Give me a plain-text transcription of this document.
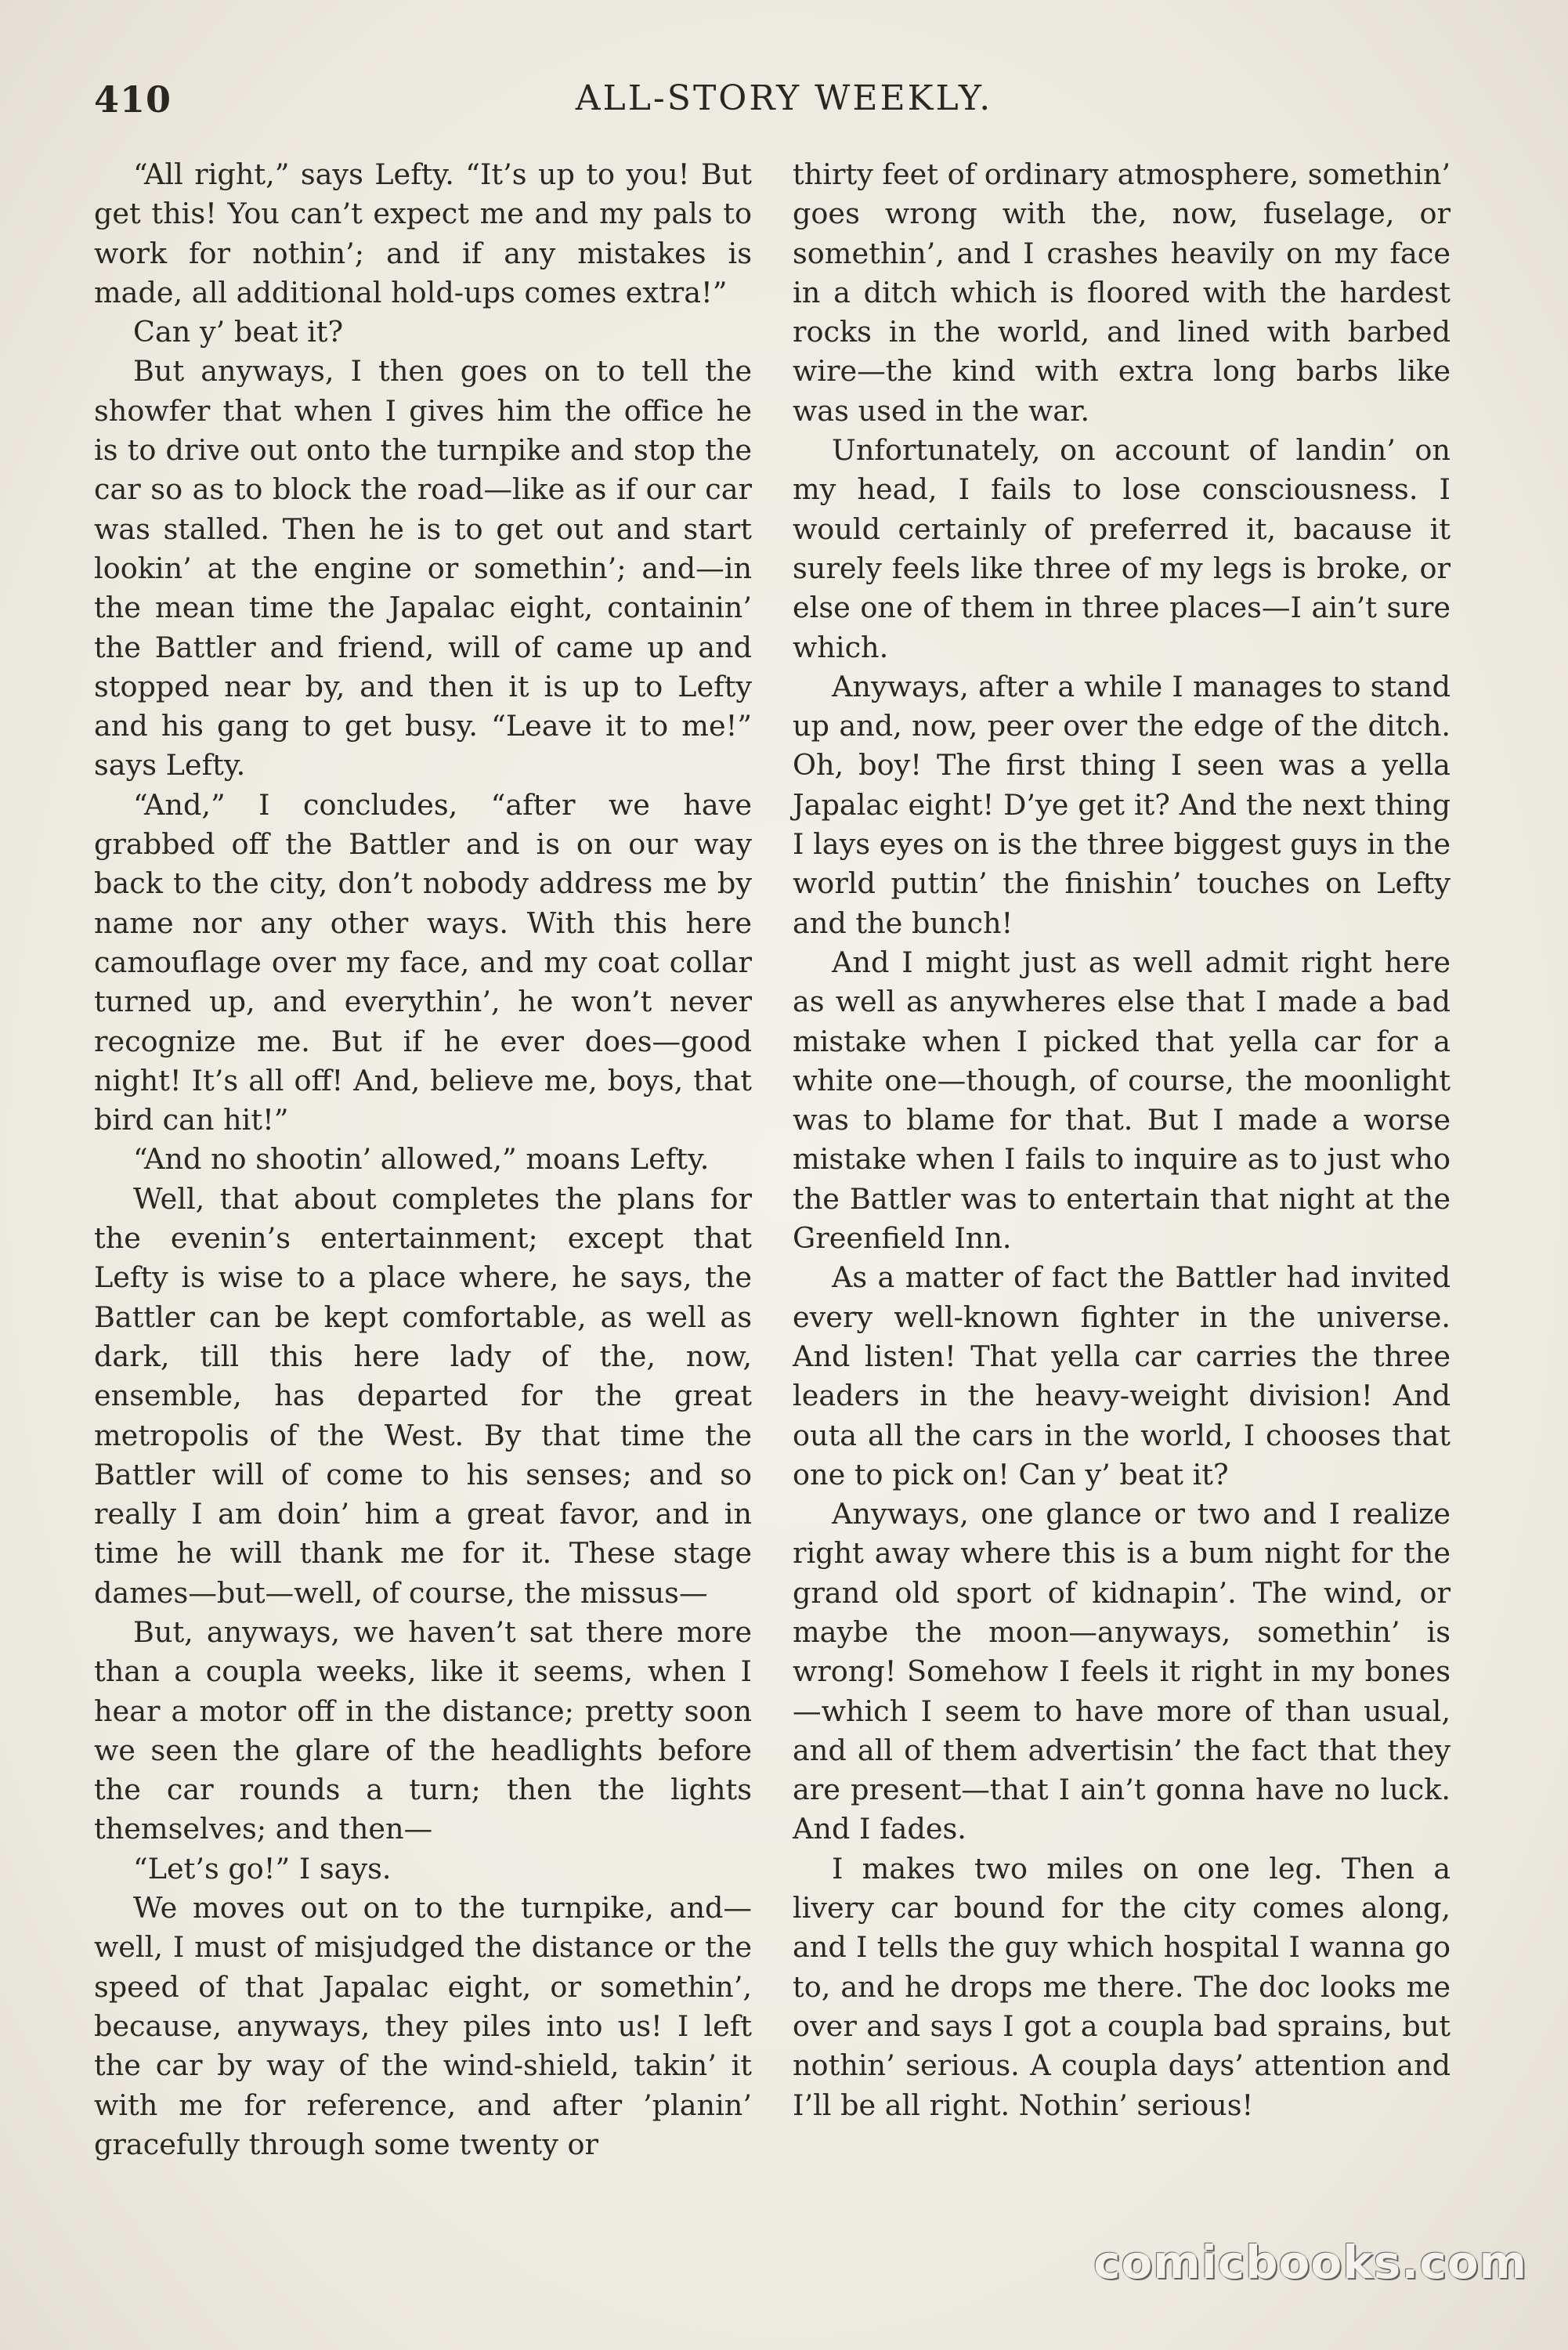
410	ALL-STORY WEEKLY.

“All right,” says Lefty. “It’s up to you! But get this! You can’t expect me and my pals to work for nothin’; and if any mistakes is made, all additional hold-ups comes extra!”

Can y’ beat it?

But anyways, I then goes on to tell the showfer that when I gives him the office he is to drive out onto the turnpike and stop the car so as to block the road—like as if our car was stalled. Then he is to get out and start lookin’ at the engine or somethin’; and—in the mean time the Japalac eight, containin’ the Battler and friend, will of came up and stopped near by, and then it is up to Lefty and his gang to get busy. “Leave it to me!” says Lefty.

“And,” I concludes, “after we have grabbed off the Battler and is on our way back to the city, don’t nobody address me by name nor any other ways. With this here camouflage over my face, and my coat collar turned up, and everythin’, he won’t never recognize me. But if he ever does—good night! It’s all off! And, believe me, boys, that bird can hit!”

“And no shootin’ allowed,” moans Lefty.

Well, that about completes the plans for the evenin’s entertainment; except that Lefty is wise to a place where, he says, the Battler can be kept comfortable, as well as dark, till this here lady of the, now, ensemble, has departed for the great metropolis of the West. By that time the Battler will of come to his senses; and so really I am doin’ him a great favor, and in time he will thank me for it. These stage dames—but—well, of course, the missus—

But, anyways, we haven’t sat there more than a coupla weeks, like it seems, when I hear a motor off in the distance; pretty soon we seen the glare of the headlights before the car rounds a turn; then the lights themselves; and then—

“Let’s go!” I says.

We moves out on to the turnpike, and—well, I must of misjudged the distance or the speed of that Japalac eight, or somethin’, because, anyways, they piles into us! I left the car by way of the wind-shield, takin’ it with me for reference, and after ’planin’ gracefully through some twenty or

thirty feet of ordinary atmosphere, somethin’ goes wrong with the, now, fuselage, or somethin’, and I crashes heavily on my face in a ditch which is floored with the hardest rocks in the world, and lined with barbed wire—the kind with extra long barbs like was used in the war.

Unfortunately, on account of landin’ on my head, I fails to lose consciousness. I would certainly of preferred it, bacause it surely feels like three of my legs is broke, or else one of them in three places—I ain’t sure which.

Anyways, after a while I manages to stand up and, now, peer over the edge of the ditch. Oh, boy! The first thing I seen was a yella Japalac eight! D’ye get it? And the next thing I lays eyes on is the three biggest guys in the world puttin’ the finishin’ touches on Lefty and the bunch!

And I might just as well admit right here as well as anywheres else that I made a bad mistake when I picked that yella car for a white one—though, of course, the moonlight was to blame for that. But I made a worse mistake when I fails to inquire as to just who the Battler was to entertain that night at the Greenfield Inn.

As a matter of fact the Battler had invited every well-known fighter in the universe. And listen! That yella car carries the three leaders in the heavy-weight division! And outa all the cars in the world, I chooses that one to pick on! Can y’ beat it?

Anyways, one glance or two and I realize right away where this is a bum night for the grand old sport of kidnapin’. The wind, or maybe the moon—anyways, somethin’ is wrong! Somehow I feels it right in my bones—which I seem to have more of than usual, and all of them advertisin’ the fact that they are present—that I ain’t gonna have no luck. And I fades.

I makes two miles on one leg. Then a livery car bound for the city comes along, and I tells the guy which hospital I wanna go to, and he drops me there. The doc looks me over and says I got a coupla bad sprains, but nothin’ serious. A coupla days’ attention and I’ll be all right. Nothin’ serious!

comicbooks.com
